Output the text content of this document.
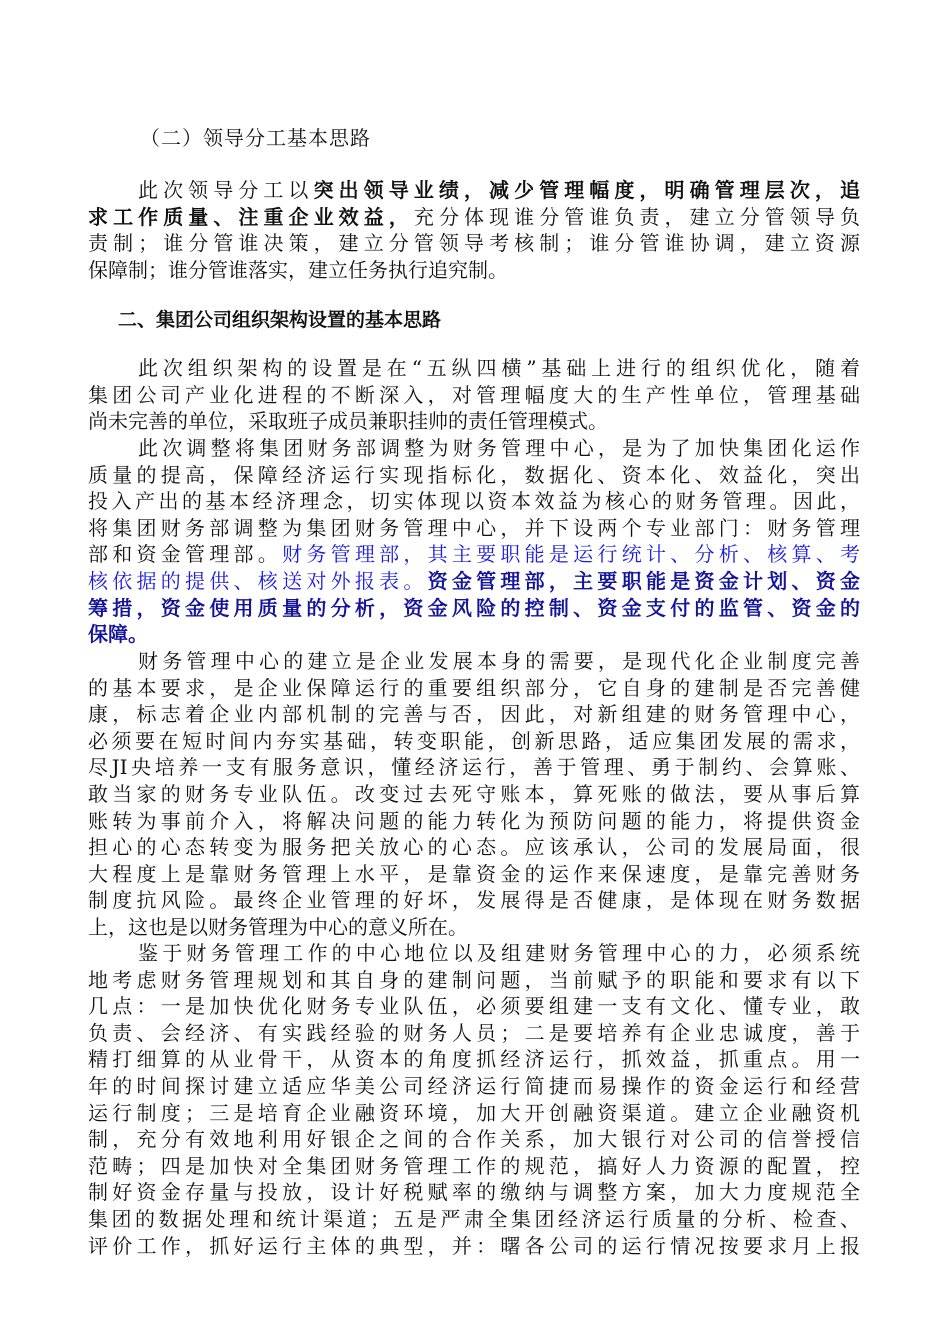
（二）领导分工基本思路
此次领导分工以突出领导业绩，减少管理幅度，明确管理层次，追
求工作质量、注重企业效益，充分体现谁分管谁负责，建立分管领导负
责制；谁分管谁决策，建立分管领导考核制；谁分管谁协调，建立资源
保障制；谁分管谁落实，建立任务执行追究制。
二、集团公司组织架构设置的基本思路
此次组织架构的设置是在“五纵四横”基础上进行的组织优化，随着
集团公司产业化进程的不断深入，对管理幅度大的生产性单位，管理基础
尚未完善的单位，采取班子成员兼职挂帅的责任管理模式。
此次调整将集团财务部调整为财务管理中心，是为了加快集团化运作
质量的提高，保障经济运行实现指标化，数据化、资本化、效益化，突出
投入产出的基本经济理念，切实体现以资本效益为核心的财务管理。因此，
将集团财务部调整为集团财务管理中心，并下设两个专业部门：财务管理
部和资金管理部。财务管理部，其主要职能是运行统计、分析、核算、考
核依据的提供、核送对外报表。资金管理部，主要职能是资金计划、资金
筹措，资金使用质量的分析，资金风险的控制、资金支付的监管、资金的
保障。
财务管理中心的建立是企业发展本身的需要，是现代化企业制度完善
的基本要求，是企业保障运行的重要组织部分，它自身的建制是否完善健
康，标志着企业内部机制的完善与否，因此，对新组建的财务管理中心，
必须要在短时间内夯实基础，转变职能，创新思路，适应集团发展的需求，
尽JI央培养一支有服务意识，懂经济运行，善于管理、勇于制约、会算账、
敢当家的财务专业队伍。改变过去死守账本，算死账的做法，要从事后算
账转为事前介入，将解决问题的能力转化为预防问题的能力，将提供资金
担心的心态转变为服务把关放心的心态。应该承认，公司的发展局面，很
大程度上是靠财务管理上水平，是靠资金的运作来保速度，是靠完善财务
制度抗风险。最终企业管理的好坏，发展得是否健康，是体现在财务数据
上，这也是以财务管理为中心的意义所在。
鉴于财务管理工作的中心地位以及组建财务管理中心的力，必须系统
地考虑财务管理规划和其自身的建制问题，当前赋予的职能和要求有以下
几点：一是加快优化财务专业队伍，必须要组建一支有文化、懂专业，敢
负责、会经济、有实践经验的财务人员；二是要培养有企业忠诚度，善于
精打细算的从业骨干，从资本的角度抓经济运行，抓效益，抓重点。用一
年的时间探讨建立适应华美公司经济运行简捷而易操作的资金运行和经营
运行制度；三是培育企业融资环境，加大开创融资渠道。建立企业融资机
制，充分有效地利用好银企之间的合作关系，加大银行对公司的信誉授信
范畴；四是加快对全集团财务管理工作的规范，搞好人力资源的配置，控
制好资金存量与投放，设计好税赋率的缴纳与调整方案，加大力度规范全
集团的数据处理和统计渠道；五是严肃全集团经济运行质量的分析、检查、
评价工作，抓好运行主体的典型，并：曙各公司的运行情况按要求月上报
